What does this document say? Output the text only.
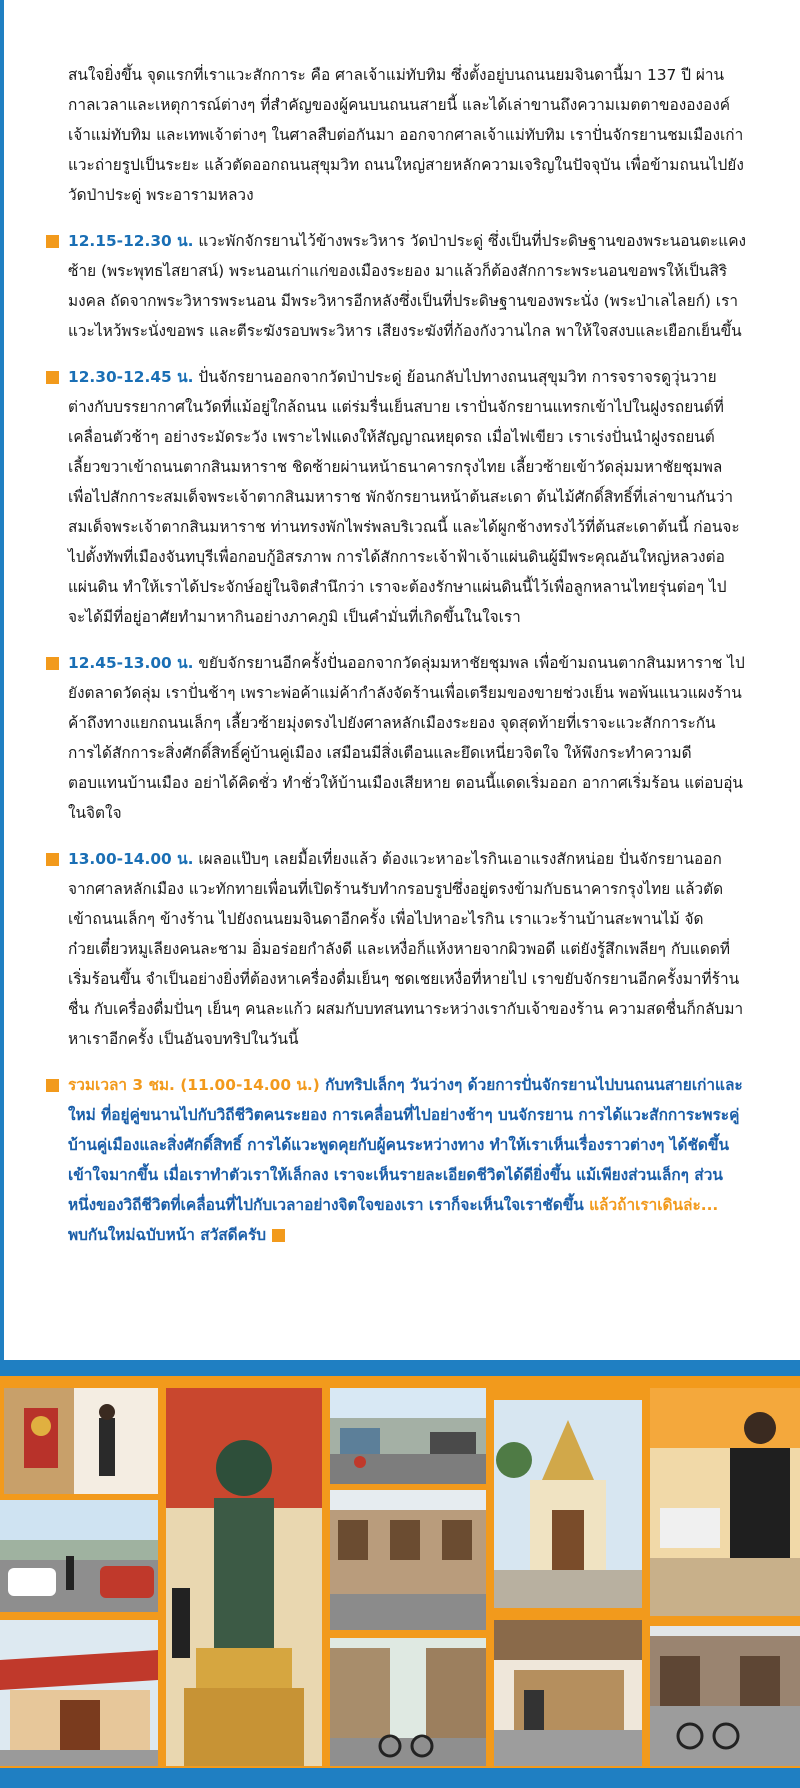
สนใจยิ่งขึ้น จุดแรกที่เราแวะสักการะ คือ ศาลเจ้าแม่ทับทิม ซึ่งตั้งอยู่บนถนนยมจินดานี้มา 137 ปี ผ่านกาลเวลาและเหตุการณ์ต่างๆ ที่สำคัญของผู้คนบนถนนสายนี้ และได้เล่าขานถึงความเมตตาของององค์เจ้าแม่ทับทิม และเทพเจ้าต่างๆ ในศาลสืบต่อกันมา ออกจากศาลเจ้าแม่ทับทิม เราปั่นจักรยานชมเมืองเก่า แวะถ่ายรูปเป็นระยะ แล้วตัดออกถนนสุขุมวิท ถนนใหญ่สายหลักความเจริญในปัจจุบัน เพื่อข้ามถนนไปยังวัดป่าประดู่ พระอารามหลวง

12.15-12.30 น. แวะพักจักรยานไว้ข้างพระวิหาร วัดป่าประดู่ ซึ่งเป็นที่ประดิษฐานของพระนอนตะแคงซ้าย (พระพุทธไสยาสน์) พระนอนเก่าแก่ของเมืองระยอง มาแล้วก็ต้องสักการะพระนอนขอพรให้เป็นสิริมงคล ถัดจากพระวิหารพระนอน มีพระวิหารอีกหลังซึ่งเป็นที่ประดิษฐานของพระนั่ง (พระป่าเลไลยก์) เราแวะไหว้พระนั่งขอพร และตีระฆังรอบพระวิหาร เสียงระฆังที่ก้องกังวานไกล พาให้ใจสงบและเยือกเย็นขึ้น

12.30-12.45 น. ปั่นจักรยานออกจากวัดป่าประดู่ ย้อนกลับไปทางถนนสุขุมวิท การจราจรดูวุ่นวาย ต่างกับบรรยากาศในวัดที่แม้อยู่ใกล้ถนน แต่ร่มรื่นเย็นสบาย เราปั่นจักรยานแทรกเข้าไปในฝูงรถยนต์ที่เคลื่อนตัวช้าๆ อย่างระมัดระวัง เพราะไฟแดงให้สัญญาณหยุดรถ เมื่อไฟเขียว เราเร่งปั่นนำฝูงรถยนต์เลี้ยวขวาเข้าถนนตากสินมหาราช ชิดซ้ายผ่านหน้าธนาคารกรุงไทย เลี้ยวซ้ายเข้าวัดลุ่มมหาชัยชุมพล เพื่อไปสักการะสมเด็จพระเจ้าตากสินมหาราช พักจักรยานหน้าต้นสะเดา ต้นไม้ศักดิ์สิทธิ์ที่เล่าขานกันว่า สมเด็จพระเจ้าตากสินมหาราช ท่านทรงพักไพร่พลบริเวณนี้ และได้ผูกช้างทรงไว้ที่ต้นสะเดาต้นนี้ ก่อนจะไปตั้งทัพที่เมืองจันทบุรีเพื่อกอบกู้อิสรภาพ การได้สักการะเจ้าฟ้าเจ้าแผ่นดินผู้มีพระคุณอันใหญ่หลวงต่อแผ่นดิน ทำให้เราได้ประจักษ์อยู่ในจิตสำนึกว่า เราจะต้องรักษาแผ่นดินนี้ไว้เพื่อลูกหลานไทยรุ่นต่อๆ ไป จะได้มีที่อยู่อาศัยทำมาหากินอย่างภาคภูมิ เป็นคำมั่นที่เกิดขึ้นในใจเรา

12.45-13.00 น. ขยับจักรยานอีกครั้งปั่นออกจากวัดลุ่มมหาชัยชุมพล เพื่อข้ามถนนตากสินมหาราช ไปยังตลาดวัดลุ่ม เราปั่นช้าๆ เพราะพ่อค้าแม่ค้ากำลังจัดร้านเพื่อเตรียมของขายช่วงเย็น พอพ้นแนวแผงร้านค้าถึงทางแยกถนนเล็กๆ เลี้ยวซ้ายมุ่งตรงไปยังศาลหลักเมืองระยอง จุดสุดท้ายที่เราจะแวะสักการะกัน การได้สักการะสิ่งศักดิ์สิทธิ์คู่บ้านคู่เมือง เสมือนมีสิ่งเตือนและยึดเหนี่ยวจิตใจ ให้พึงกระทำความดีตอบแทนบ้านเมือง อย่าได้คิดชั่ว ทำชั่วให้บ้านเมืองเสียหาย ตอนนี้แดดเริ่มออก อากาศเริ่มร้อน แต่อบอุ่นในจิตใจ

13.00-14.00 น. เผลอแป๊บๆ เลยมื้อเที่ยงแล้ว ต้องแวะหาอะไรกินเอาแรงสักหน่อย ปั่นจักรยานออกจากศาลหลักเมือง แวะทักทายเพื่อนที่เปิดร้านรับทำกรอบรูปซึ่งอยู่ตรงข้ามกับธนาคารกรุงไทย แล้วตัดเข้าถนนเล็กๆ ข้างร้าน ไปยังถนนยมจินดาอีกครั้ง เพื่อไปหาอะไรกิน เราแวะร้านบ้านสะพานไม้ จัดก๋วยเตี๋ยวหมูเลียงคนละชาม อิ่มอร่อยกำลังดี และเหงื่อก็แห้งหายจากผิวพอดี แต่ยังรู้สึกเพลียๆ กับแดดที่เริ่มร้อนขึ้น จำเป็นอย่างยิ่งที่ต้องหาเครื่องดื่มเย็นๆ ชดเชยเหงื่อที่หายไป เราขยับจักรยานอีกครั้งมาที่ร้านชื่น กับเครื่องดื่มปั่นๆ เย็นๆ คนละแก้ว ผสมกับบทสนทนาระหว่างเรากับเจ้าของร้าน ความสดชื่นก็กลับมาหาเราอีกครั้ง เป็นอันจบทริปในวันนี้

รวมเวลา 3 ชม. (11.00-14.00 น.) กับทริปเล็กๆ วันว่างๆ ด้วยการปั่นจักรยานไปบนถนนสายเก่าและใหม่ ที่อยู่คู่ขนานไปกับวิถีชีวิตคนระยอง การเคลื่อนที่ไปอย่างช้าๆ บนจักรยาน การได้แวะสักการะพระคู่บ้านคู่เมืองและสิ่งศักดิ์สิทธิ์ การได้แวะพูดคุยกับผู้คนระหว่างทาง ทำให้เราเห็นเรื่องราวต่างๆ ได้ชัดขึ้น เข้าใจมากขึ้น เมื่อเราทำตัวเราให้เล็กลง เราจะเห็นรายละเอียดชีวิตได้ดียิ่งขึ้น แม้เพียงส่วนเล็กๆ ส่วนหนึ่งของวิถีชีวิตที่เคลื่อนที่ไปกับเวลาอย่างจิตใจของเรา เราก็จะเห็นใจเราชัดขึ้น แล้วถ้าเราเดินล่ะ...
พบกันใหม่ฉบับหน้า สวัสดีครับ
